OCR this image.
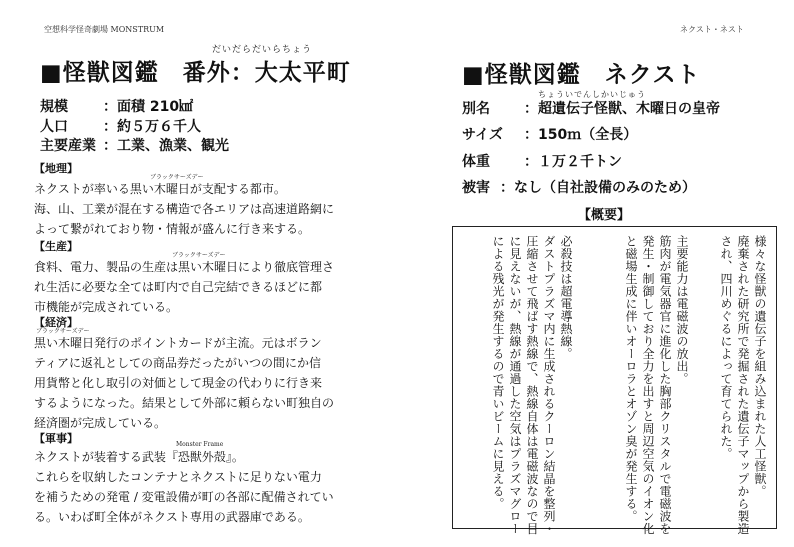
空想科学怪奇劇場 MONSTRUM
だいだらだいらちょう
■怪獣図鑑　番外：大太平町
規模	：面積 210㎢
人口	：約５万６千人
主要産業 ：工業、漁業、観光
【地理】
ブラックサーズデー
ネクストが率いる黒い木曜日が支配する都市。
海、山、工業が混在する構造で各エリアは高速道路網に
よって繋がれており物・情報が盛んに行き来する。
【生産】
ブラックサーズデー
食料、電力、製品の生産は黒い木曜日により徹底管理さ
れ生活に必要な全ては町内で自己完結できるほどに都
市機能が完成されている。
【経済】
ブラックサーズデー
黒い木曜日発行のポイントカードが主流。元はボラン
ティアに返礼としての商品券だったがいつの間にか信
用貨幣と化し取引の対価として現金の代わりに行き来
するようになった。結果として外部に頼らない町独自の
経済圏が完成している。
【軍事】	Monster Frame
ネクストが装着する武装『恐獣外殻』。
これらを収納したコンテナとネクストに足りない電力
を補うための発電 / 変電設備が町の各部に配備されてい
る。いわば町全体がネクスト専用の武器庫である。
ネクスト・ネスト
■怪獣図鑑　ネクスト
ちょういでんしかいじゅう
別名 ：超遺伝子怪獣、木曜日の皇帝
サイズ ：150ｍ（全長）
体重 ：１万２千トン
被害 ：なし（自社設備のみのため）
【概要】
様々な怪獣の遺伝子を組み込まれた人工怪獣。
廃棄された研究所で発掘された遺伝子マップから製造
され、四川めぐるによって育てられた。
主要能力は電磁波の放出。
筋肉が電気器官に進化した胸部クリスタルで電磁波を
発生・制御しており全力を出すと周辺空気のイオン化
と磁場生成に伴いオーロラとオゾン臭が発生する。
必殺技は超電導熱線。
ダストプラズマ内に生成されるクーロン結晶を整列・
圧縮させて飛ばす熱線で、熱線自体は電磁波なので目
に見えないが、熱線が通過した空気はプラズマグロー
による残光が発生するので青いビームに見える。
